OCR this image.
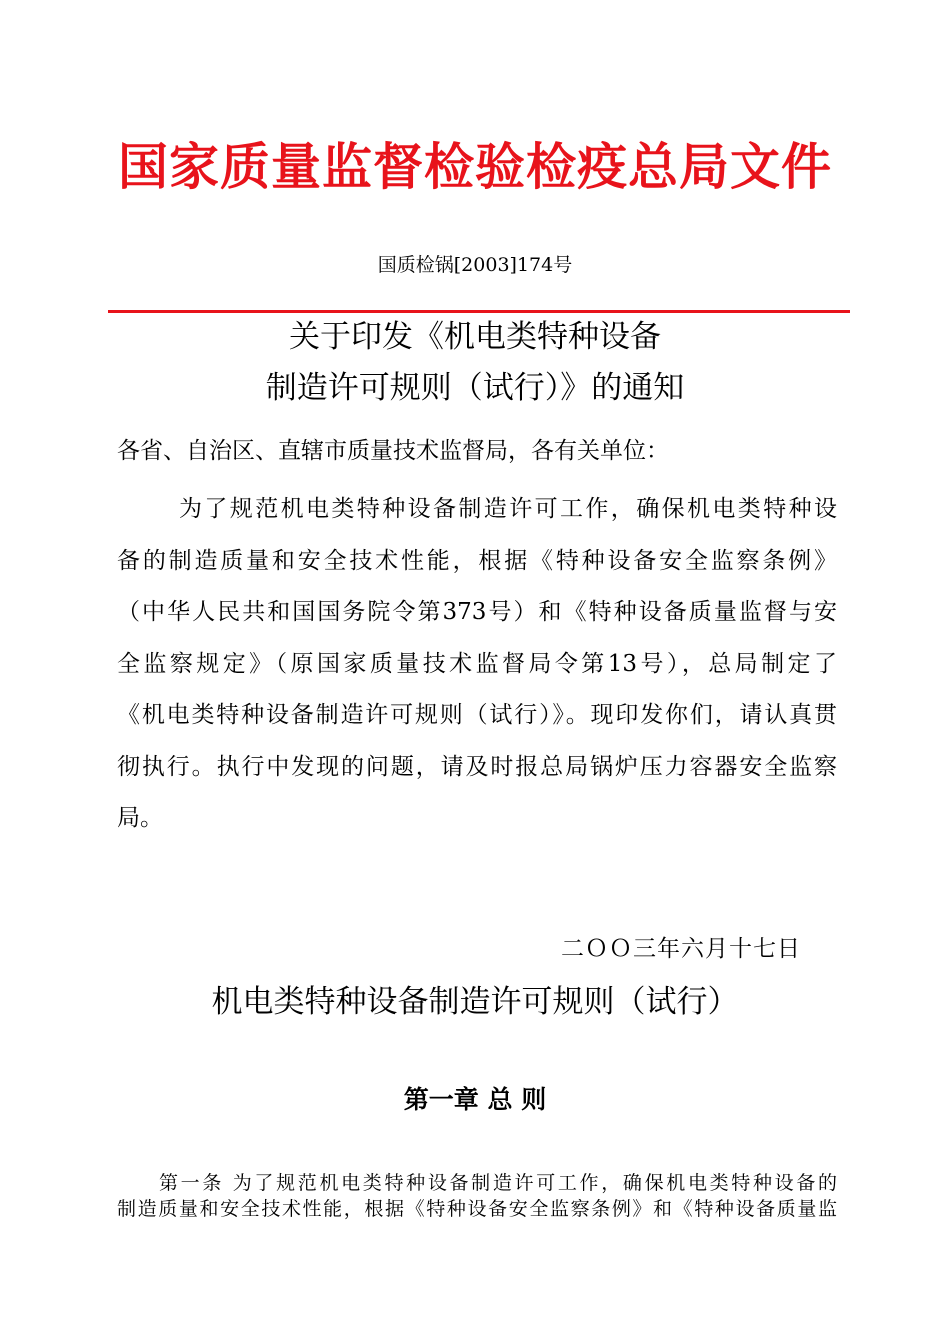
国家质量监督检验检疫总局文件
国质检锅[2003]174号
关于印发《机电类特种设备
制造许可规则（试行）》的通知
各省、自治区、直辖市质量技术监督局，各有关单位：
为了规范机电类特种设备制造许可工作，确保机电类特种设
备的制造质量和安全技术性能，根据《特种设备安全监察条例》
（中华人民共和国国务院令第373号）和《特种设备质量监督与安
全监察规定》（原国家质量技术监督局令第13号），总局制定了
《机电类特种设备制造许可规则（试行）》。现印发你们，请认真贯
彻执行。执行中发现的问题，请及时报总局锅炉压力容器安全监察
局。
二ＯＯ三年六月十七日
机电类特种设备制造许可规则（试行）
第一章 总 则
第一条 为了规范机电类特种设备制造许可工作，确保机电类特种设备的
制造质量和安全技术性能，根据《特种设备安全监察条例》和《特种设备质量监
